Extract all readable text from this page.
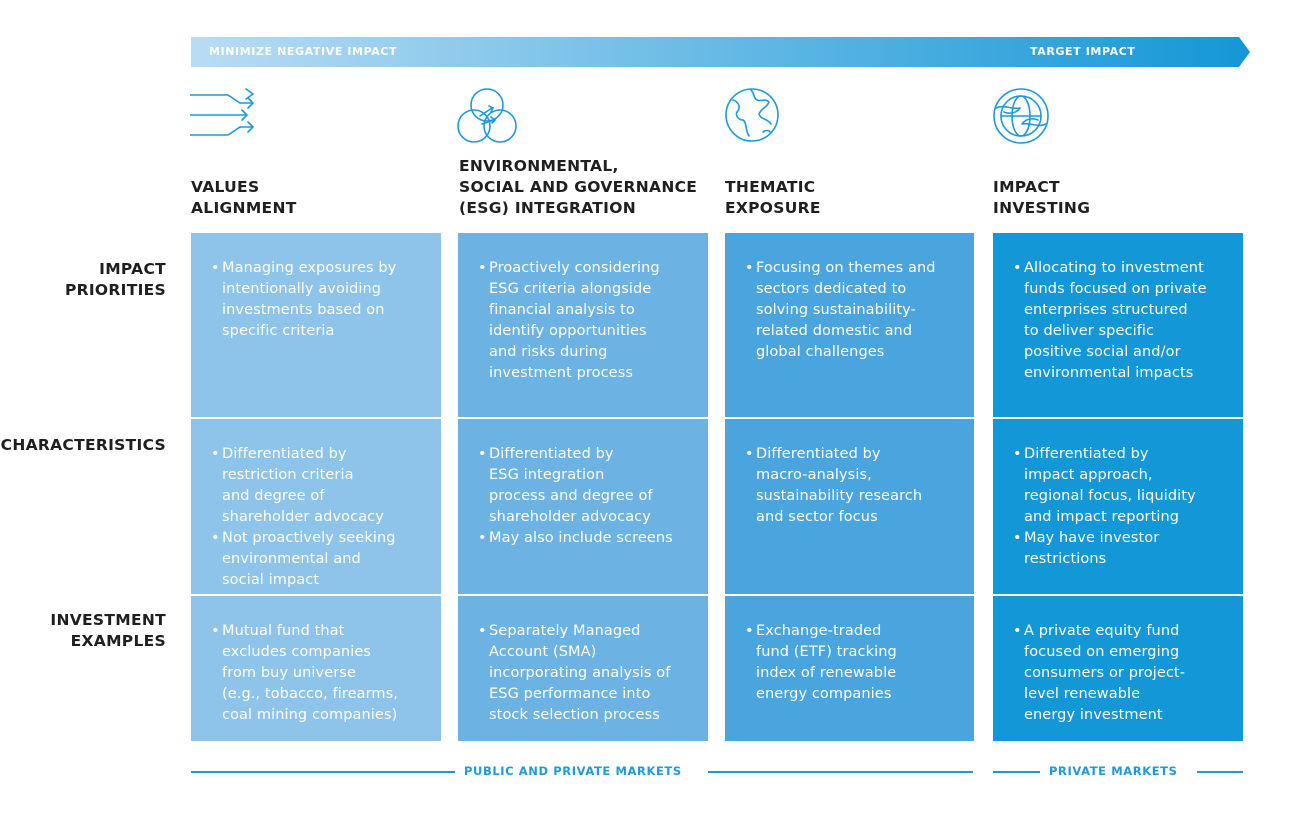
MINIMIZE NEGATIVE IMPACT	TARGET IMPACT
VALUES
ALIGNMENT
ENVIRONMENTAL,
SOCIAL AND GOVERNANCE
(ESG) INTEGRATION
THEMATIC
EXPOSURE
IMPACT
INVESTING
IMPACT
PRIORITIES
CHARACTERISTICS
INVESTMENT
EXAMPLES
• Managing exposures by
intentionally avoiding
investments based on
specific criteria
• Proactively considering
ESG criteria alongside
financial analysis to
identify opportunities
and risks during
investment process
• Focusing on themes and
sectors dedicated to
solving sustainability-
related domestic and
global challenges
• Allocating to investment
funds focused on private
enterprises structured
to deliver specific
positive social and/or
environmental impacts
• Differentiated by
restriction criteria
and degree of
shareholder advocacy
• Not proactively seeking
environmental and
social impact
• Differentiated by
ESG integration
process and degree of
shareholder advocacy
• May also include screens
• Differentiated by
macro-analysis,
sustainability research
and sector focus
• Differentiated by
impact approach,
regional focus, liquidity
and impact reporting
• May have investor
restrictions
• Mutual fund that
excludes companies
from buy universe
(e.g., tobacco, firearms,
coal mining companies)
• Separately Managed
Account (SMA)
incorporating analysis of
ESG performance into
stock selection process
• Exchange-traded
fund (ETF) tracking
index of renewable
energy companies
• A private equity fund
focused on emerging
consumers or project-
level renewable
energy investment
PUBLIC AND PRIVATE MARKETS	PRIVATE MARKETS
